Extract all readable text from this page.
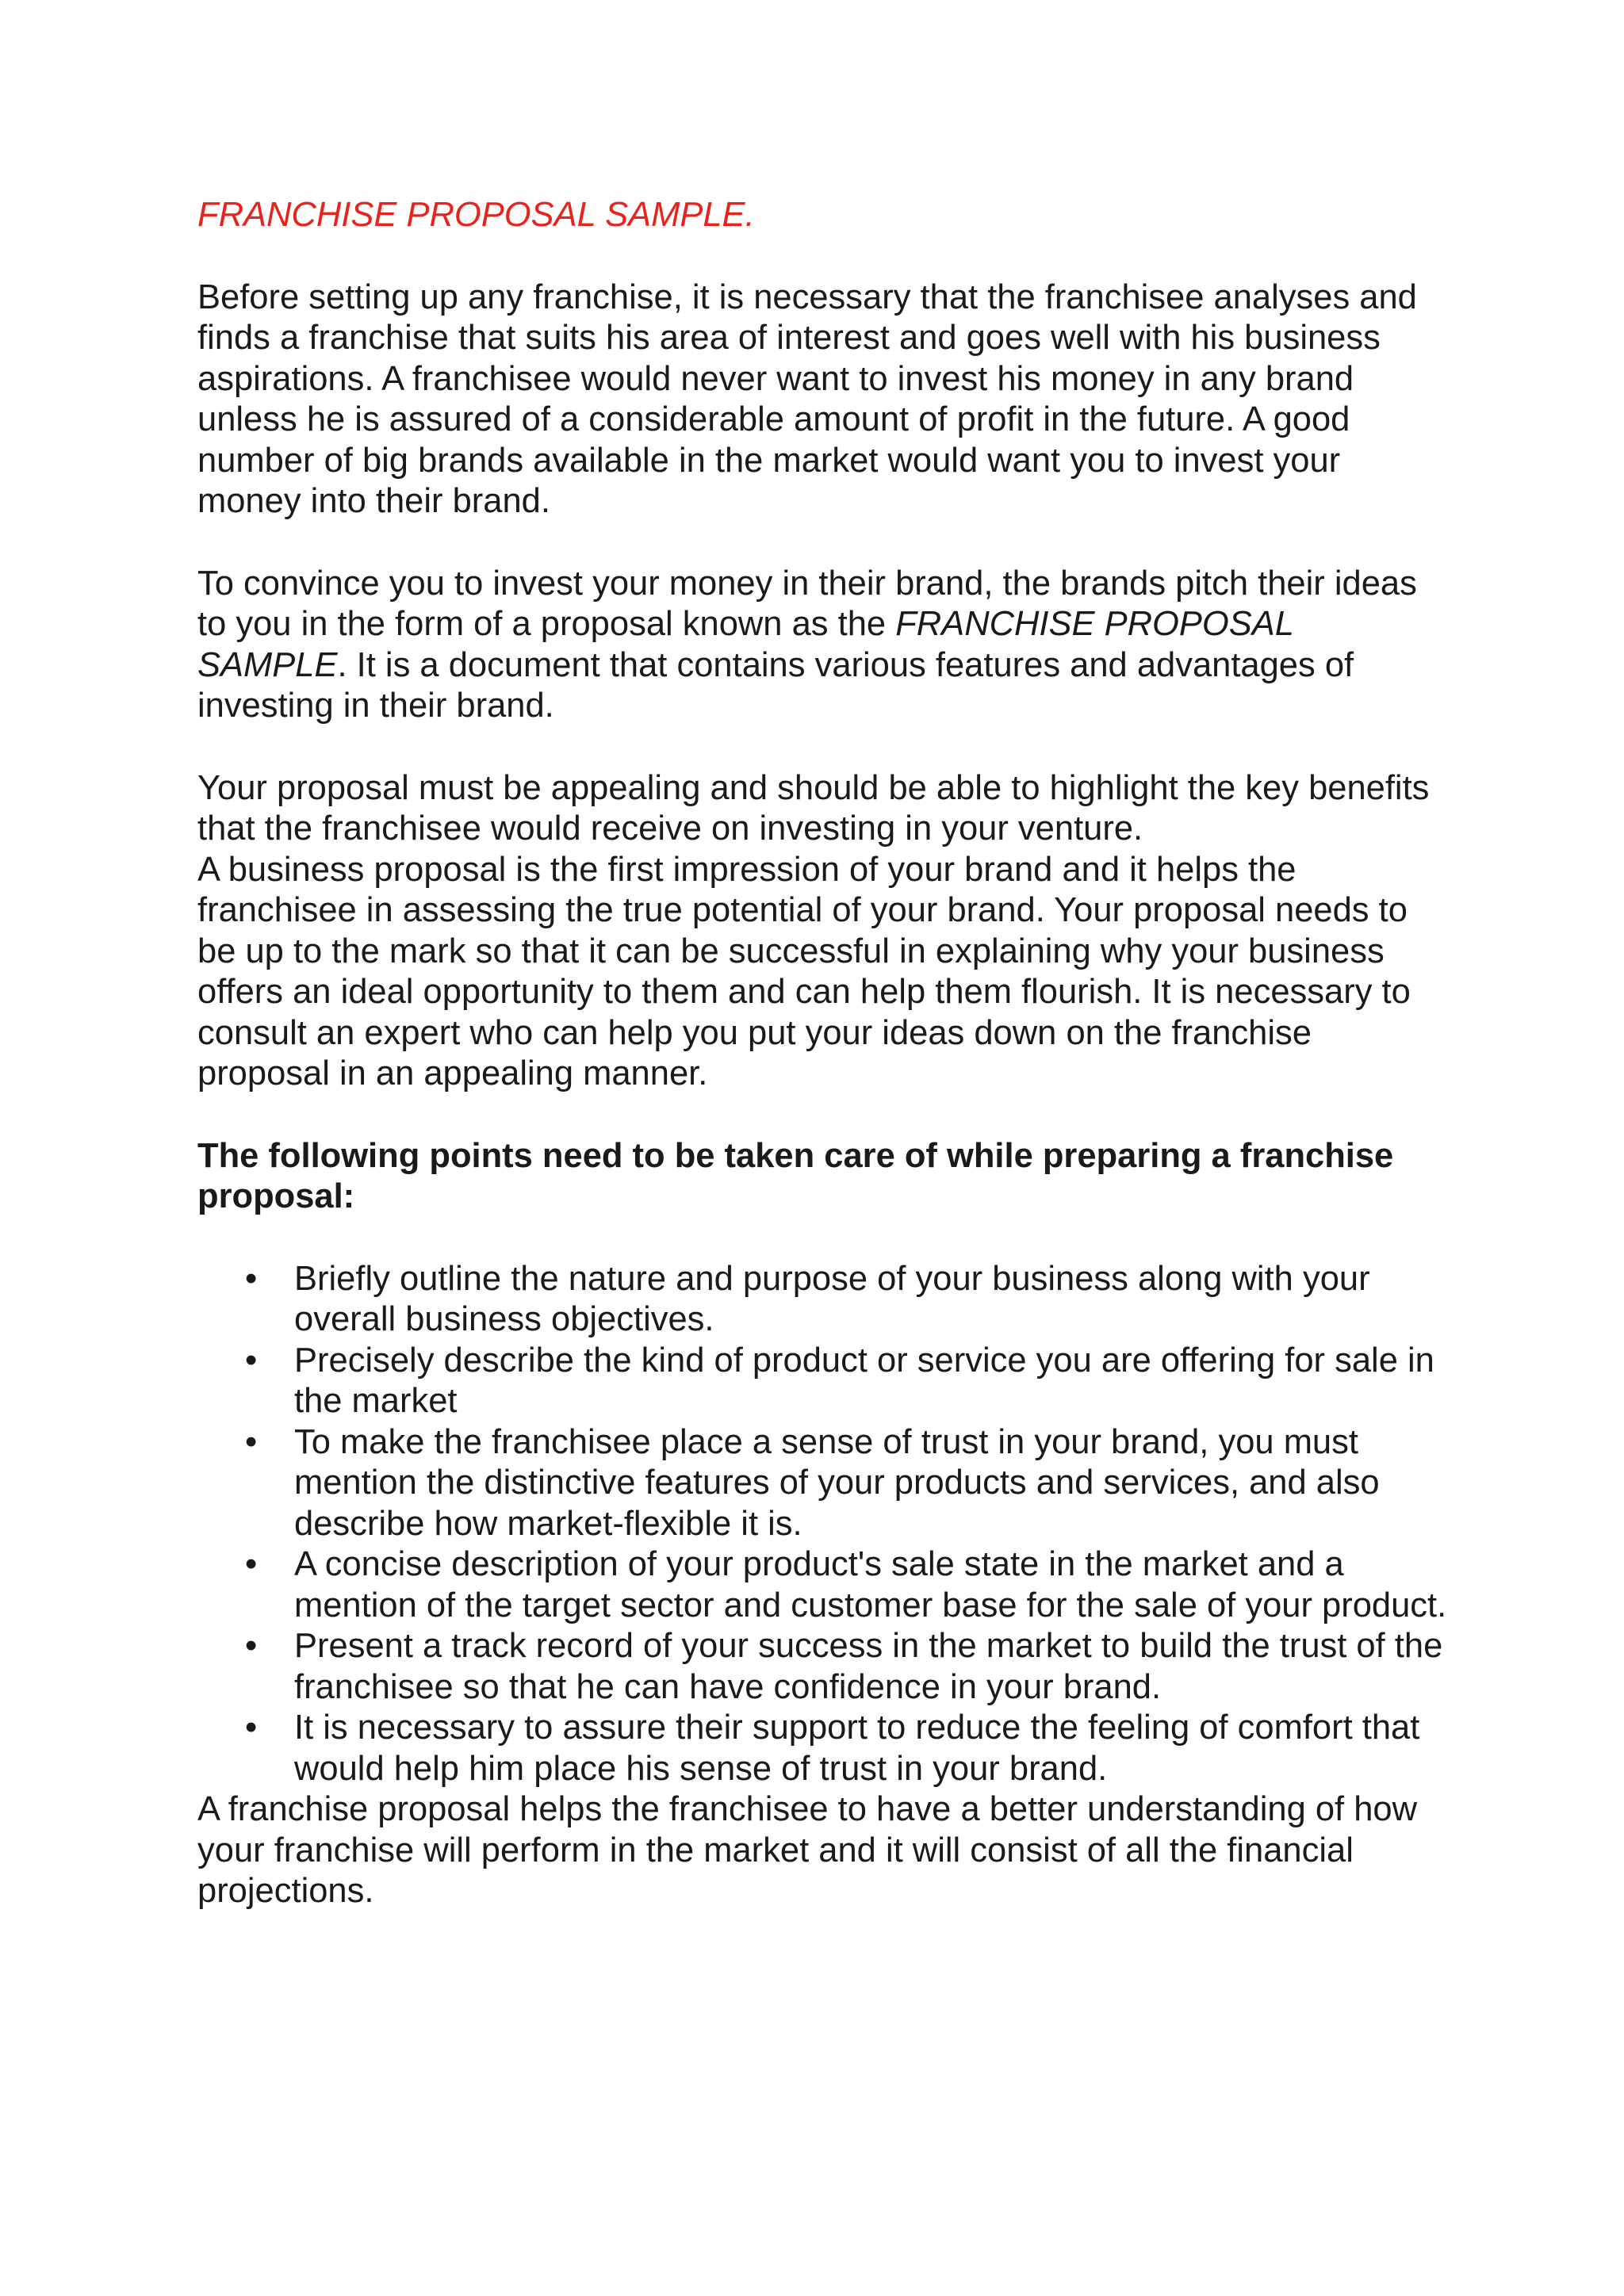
FRANCHISE PROPOSAL SAMPLE.

Before setting up any franchise, it is necessary that the franchisee analyses and finds a franchise that suits his area of interest and goes well with his business aspirations. A franchisee would never want to invest his money in any brand unless he is assured of a considerable amount of profit in the future. A good number of big brands available in the market would want you to invest your money into their brand.

To convince you to invest your money in their brand, the brands pitch their ideas to you in the form of a proposal known as the FRANCHISE PROPOSAL SAMPLE. It is a document that contains various features and advantages of investing in their brand.

Your proposal must be appealing and should be able to highlight the key benefits that the franchisee would receive on investing in your venture.

A business proposal is the first impression of your brand and it helps the franchisee in assessing the true potential of your brand. Your proposal needs to be up to the mark so that it can be successful in explaining why your business offers an ideal opportunity to them and can help them flourish. It is necessary to consult an expert who can help you put your ideas down on the franchise proposal in an appealing manner.

The following points need to be taken care of while preparing a franchise proposal:
• Briefly outline the nature and purpose of your business along with your overall business objectives.
• Precisely describe the kind of product or service you are offering for sale in the market
• To make the franchisee place a sense of trust in your brand, you must mention the distinctive features of your products and services, and also describe how market-flexible it is.
• A concise description of your product's sale state in the market and a mention of the target sector and customer base for the sale of your product.
• Present a track record of your success in the market to build the trust of the franchisee so that he can have confidence in your brand.
• It is necessary to assure their support to reduce the feeling of comfort that would help him place his sense of trust in your brand.

A franchise proposal helps the franchisee to have a better understanding of how your franchise will perform in the market and it will consist of all the financial projections.
